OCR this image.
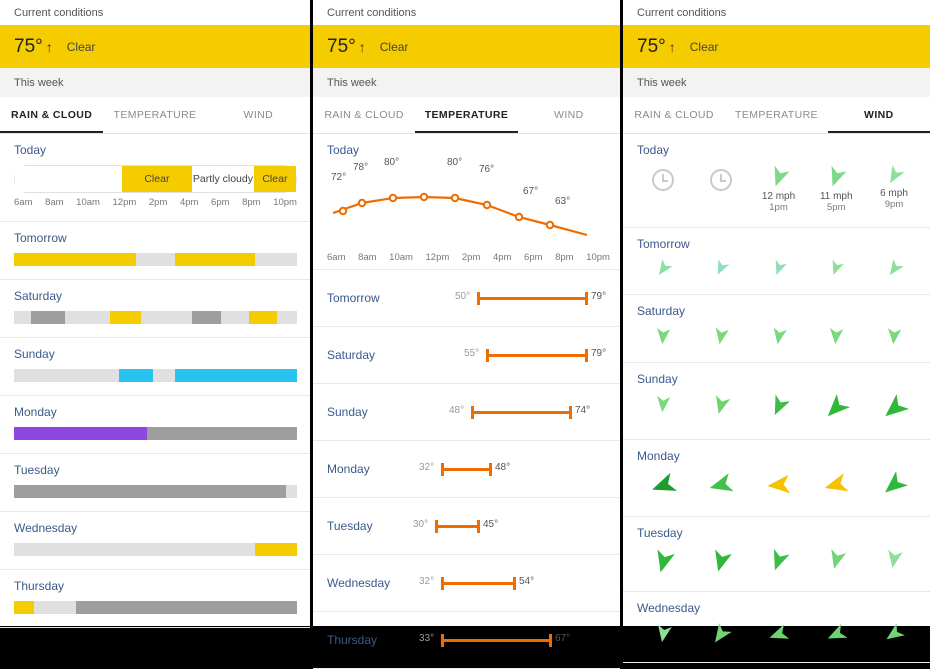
Current conditions
75° ↑ Clear
This week
RAIN & CLOUD	TEMPERATURE	WIND
Today
Clear	Partly cloudy Clear
6am 8am 10am 12pm 2pm 4pm 6pm 8pm 10pm
Tomorrow
Saturday
Sunday
Monday
Tuesday
Wednesday
Thursday
Current conditions
75° ↑ Clear
This week
RAIN & CLOUD	TEMPERATURE	WIND
Today
72°
78° 80°	80°
76°
67°
63°
6am 8am 10am 12pm 2pm 4pm 6pm 8pm 10pm
Tomorrow	50°	79°
Saturday	55°	79°
Sunday	48°	74°
Monday	32°	48°
Tuesday	30°	45°
Wednesday	32°	54°
Thursday	33°	67°
Current conditions
75° ↑ Clear
This week
RAIN & CLOUD	TEMPERATURE	WIND
Today
12 mph
1pm
11 mph
5pm
6 mph
9pm
Tomorrow
Saturday
Sunday
Monday
Tuesday
Wednesday
